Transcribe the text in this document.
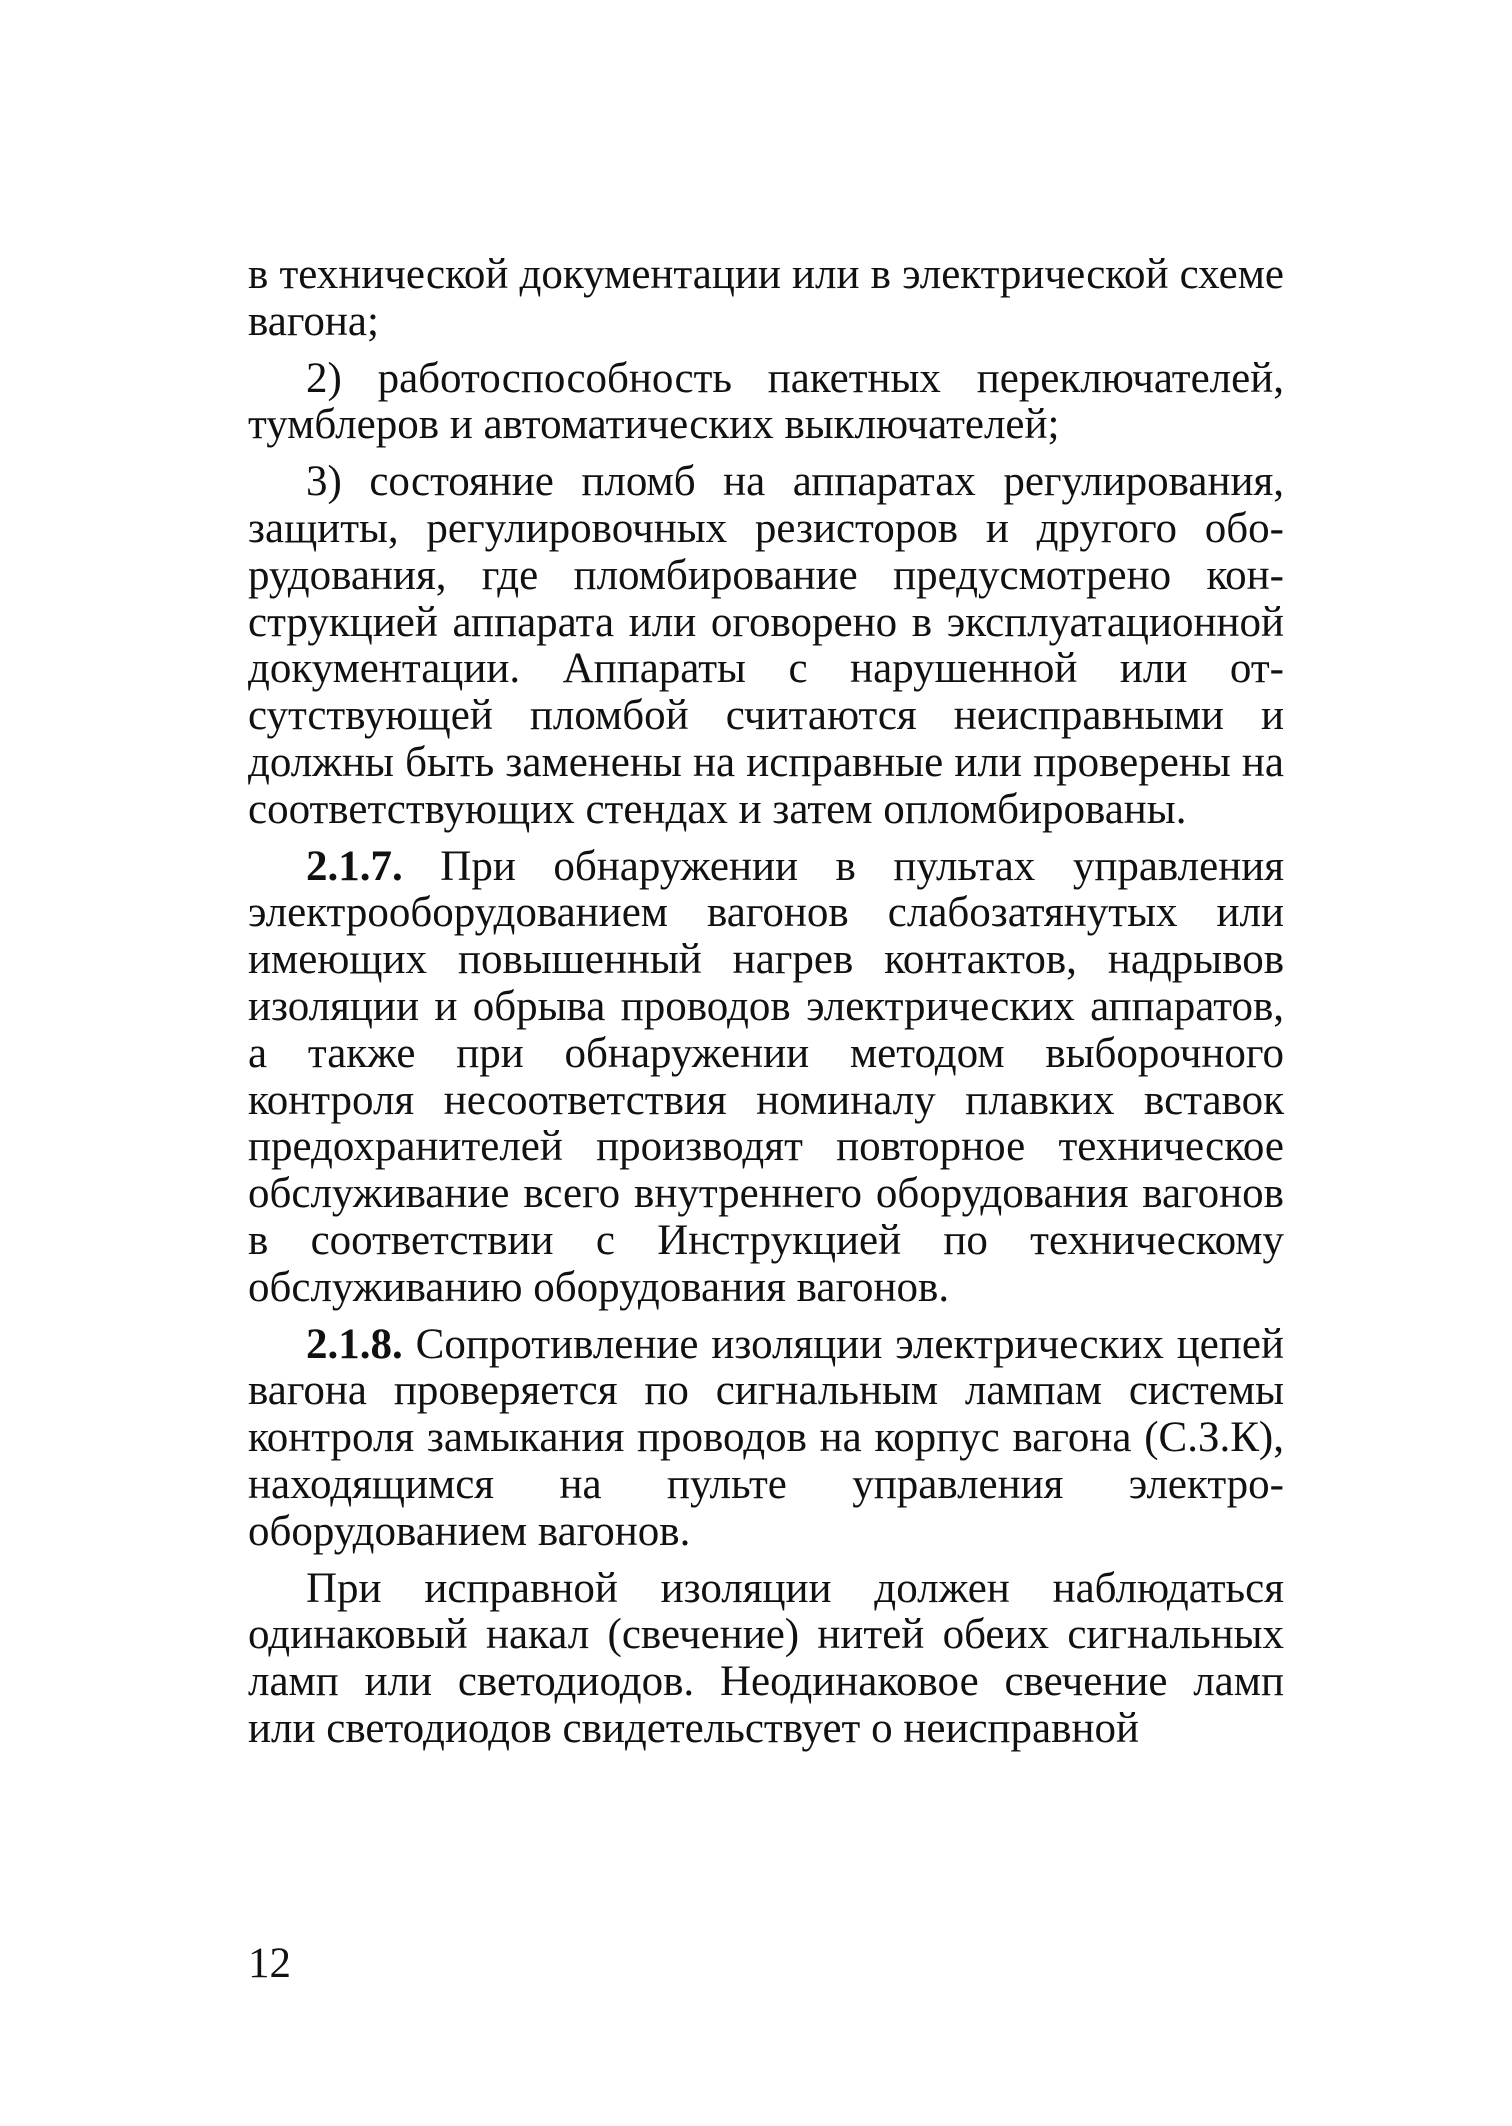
в технической документации или в электрической схеме вагона;

2) работоспособность пакетных переключателей, тумблеров и автоматических выключателей;

3) состояние пломб на аппаратах регулирования, защиты, регулировочных резисторов и другого оборудования, где пломбирование предусмотрено конструкцией аппарата или оговорено в эксплуатационной документации. Аппараты с нарушенной или отсутствующей пломбой считаются неисправными и должны быть заменены на исправные или проверены на соответствующих стендах и затем опломбированы.

2.1.7. При обнаружении в пультах управления электрооборудованием вагонов слабозатянутых или имеющих повышенный нагрев контактов, надрывов изоляции и обрыва проводов электрических аппаратов, а также при обнаружении методом выборочного контроля несоответствия номиналу плавких вставок предохранителей производят повторное техническое обслуживание всего внутреннего оборудования вагонов в соответствии с Инструкцией по техническому обслуживанию оборудования вагонов.

2.1.8. Сопротивление изоляции электрических цепей вагона проверяется по сигнальным лампам системы контроля замыкания проводов на корпус вагона (С.З.К), находящимся на пульте управления электрооборудованием вагонов.

При исправной изоляции должен наблюдаться одинаковый накал (свечение) нитей обеих сигнальных ламп или светодиодов. Неодинаковое свечение ламп или светодиодов свидетельствует о неисправной

12
